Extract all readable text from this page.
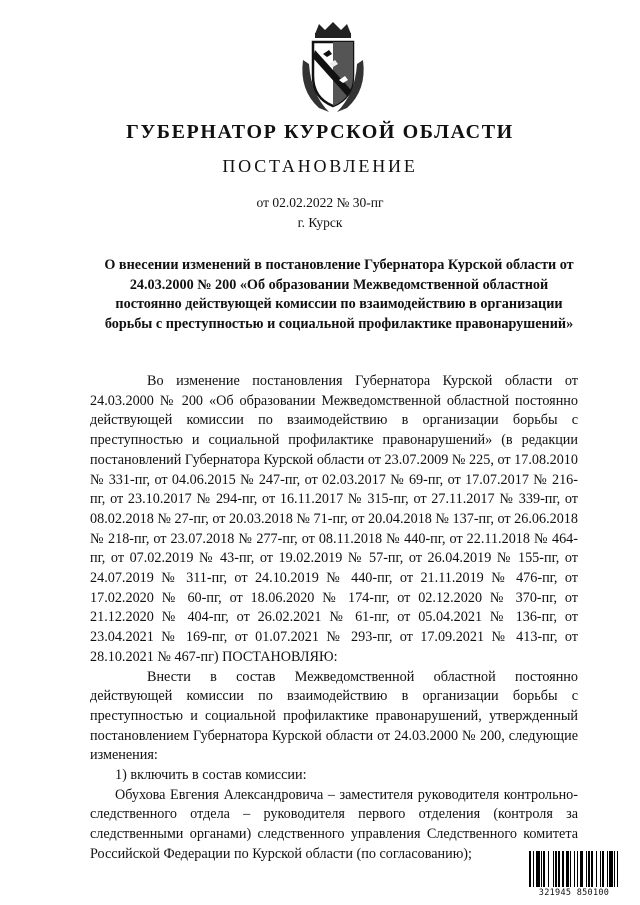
ГУБЕРНАТОР КУРСКОЙ ОБЛАСТИ
ПОСТАНОВЛЕНИЕ
от 02.02.2022 № 30-пг
г. Курск
О внесении изменений в постановление Губернатора Курской области от 24.03.2000 № 200 «Об образовании Межведомственной областной постоянно действующей комиссии по взаимодействию в организации борьбы с преступностью и социальной профилактике правонарушений»

Во изменение постановления Губернатора Курской области от 24.03.2000 № 200 «Об образовании Межведомственной областной постоянно действующей комиссии по взаимодействию в организации борьбы с преступностью и социальной профилактике правонарушений» (в редакции постановлений Губернатора Курской области от 23.07.2009 № 225, от 17.08.2010 № 331-пг, от 04.06.2015 № 247-пг, от 02.03.2017 № 69-пг, от 17.07.2017 № 216-пг, от 23.10.2017 № 294-пг, от 16.11.2017 № 315-пг, от 27.11.2017 № 339-пг, от 08.02.2018 № 27-пг, от 20.03.2018 № 71-пг, от 20.04.2018 № 137-пг, от 26.06.2018 № 218-пг, от 23.07.2018 № 277-пг, от 08.11.2018 № 440-пг, от 22.11.2018 № 464-пг, от 07.02.2019 № 43-пг, от 19.02.2019 № 57-пг, от 26.04.2019 № 155-пг, от 24.07.2019 № 311-пг, от 24.10.2019 № 440-пг, от 21.11.2019 № 476-пг, от 17.02.2020 № 60-пг, от 18.06.2020 № 174-пг, от 02.12.2020 № 370-пг, от 21.12.2020 № 404-пг, от 26.02.2021 № 61-пг, от 05.04.2021 № 136-пг, от 23.04.2021 № 169-пг, от 01.07.2021 № 293-пг, от 17.09.2021 № 413-пг, от 28.10.2021 № 467-пг) ПОСТАНОВЛЯЮ:

Внести в состав Межведомственной областной постоянно действующей комиссии по взаимодействию в организации борьбы с преступностью и социальной профилактике правонарушений, утвержденный постановлением Губернатора Курской области от 24.03.2000 № 200, следующие изменения:

1) включить в состав комиссии:

Обухова Евгения Александровича – заместителя руководителя контрольно-следственного отдела – руководителя первого отделения (контроля за следственными органами) следственного управления Следственного комитета Российской Федерации по Курской области (по согласованию);

321945 850100
